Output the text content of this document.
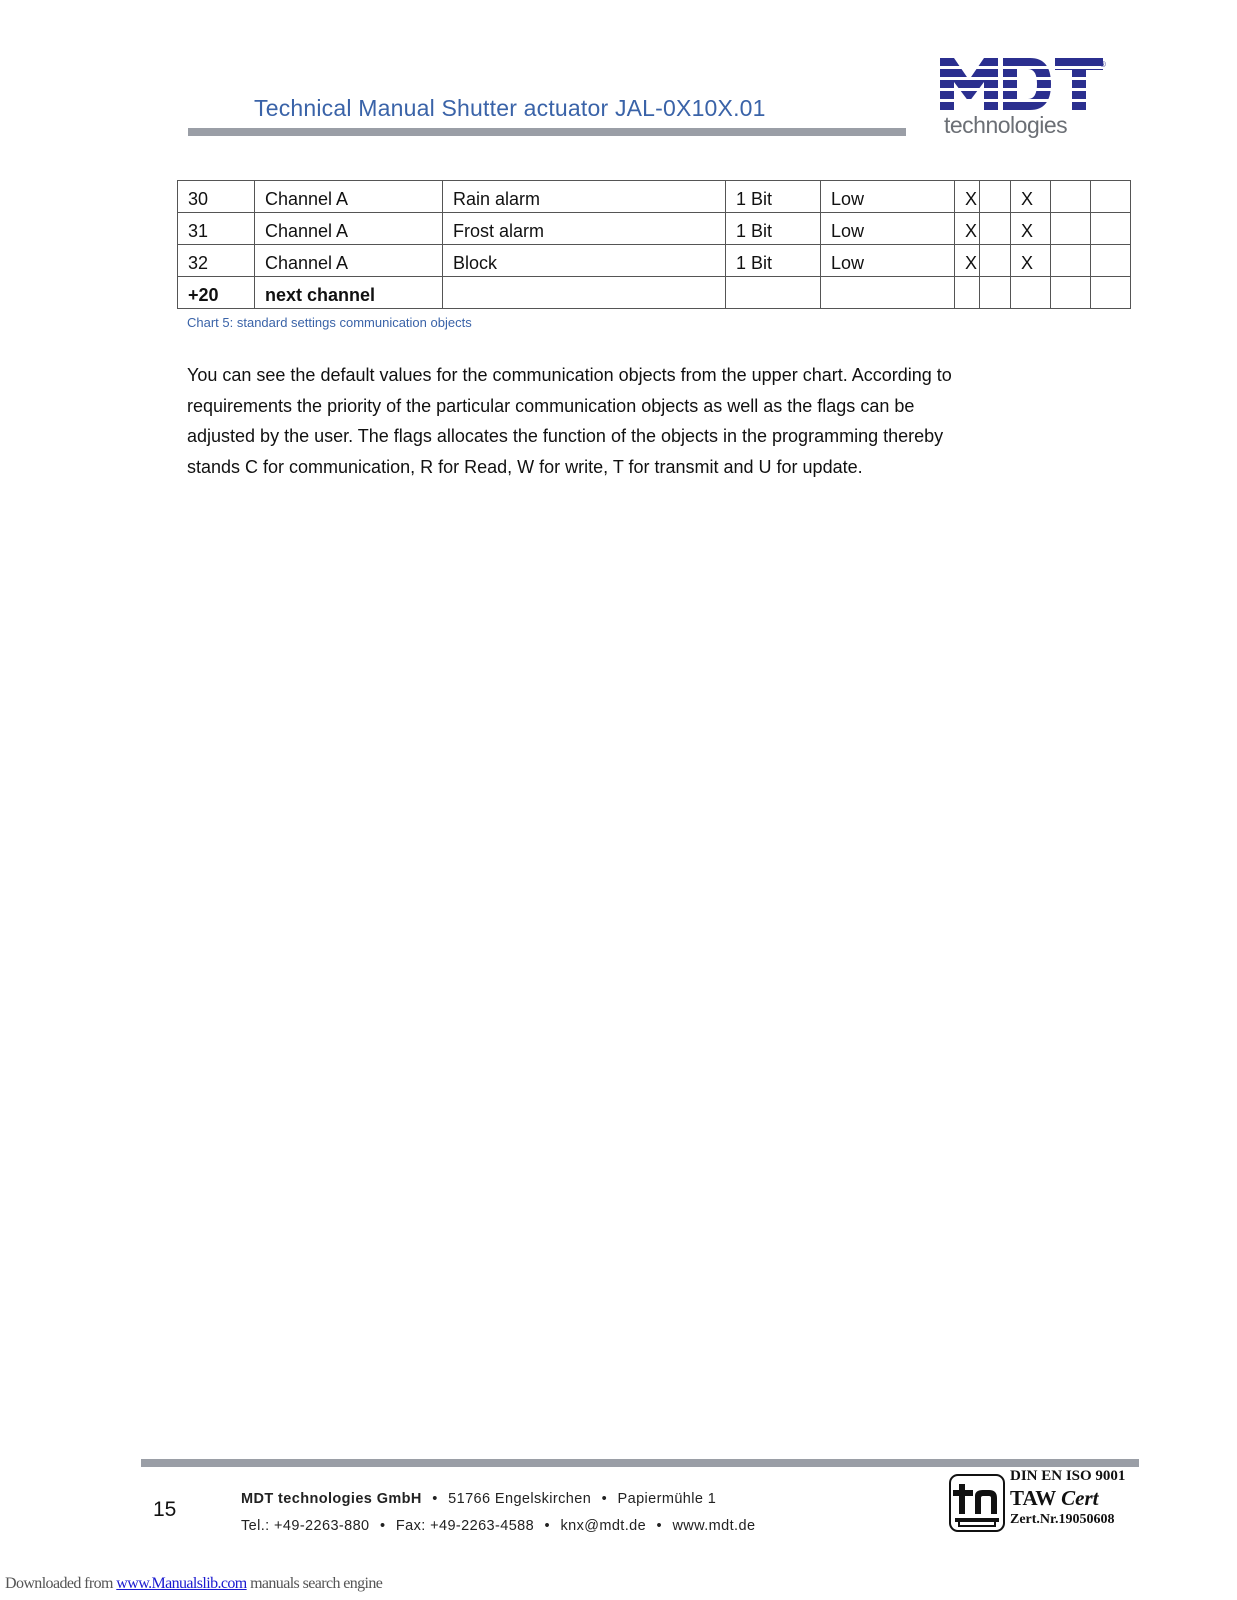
Technical Manual Shutter actuator JAL-0X10X.01
®
technologies
30	Channel A	Rain alarm	1 Bit	Low	X		X		
31	Channel A	Frost alarm	1 Bit	Low	X		X		
32	Channel A	Block	1 Bit	Low	X		X		
+20	next channel								
Chart 5: standard settings communication objects

You can see the default values for the communication objects from the upper chart. According to

requirements the priority of the particular communication objects as well as the flags can be

adjusted by the user. The flags allocates the function of the objects in the programming thereby

stands C for communication, R for Read, W for write, T for transmit and U for update.

15	MDT technologies GmbH • 51766 Engelskirchen • Papiermühle 1
Tel.: +49-2263-880 • Fax: +49-2263-4588 • knx@mdt.de • www.mdt.de
DIN EN ISO 9001
TAW Cert
Zert.Nr.19050608
Downloaded from www.Manualslib.com manuals search engine
